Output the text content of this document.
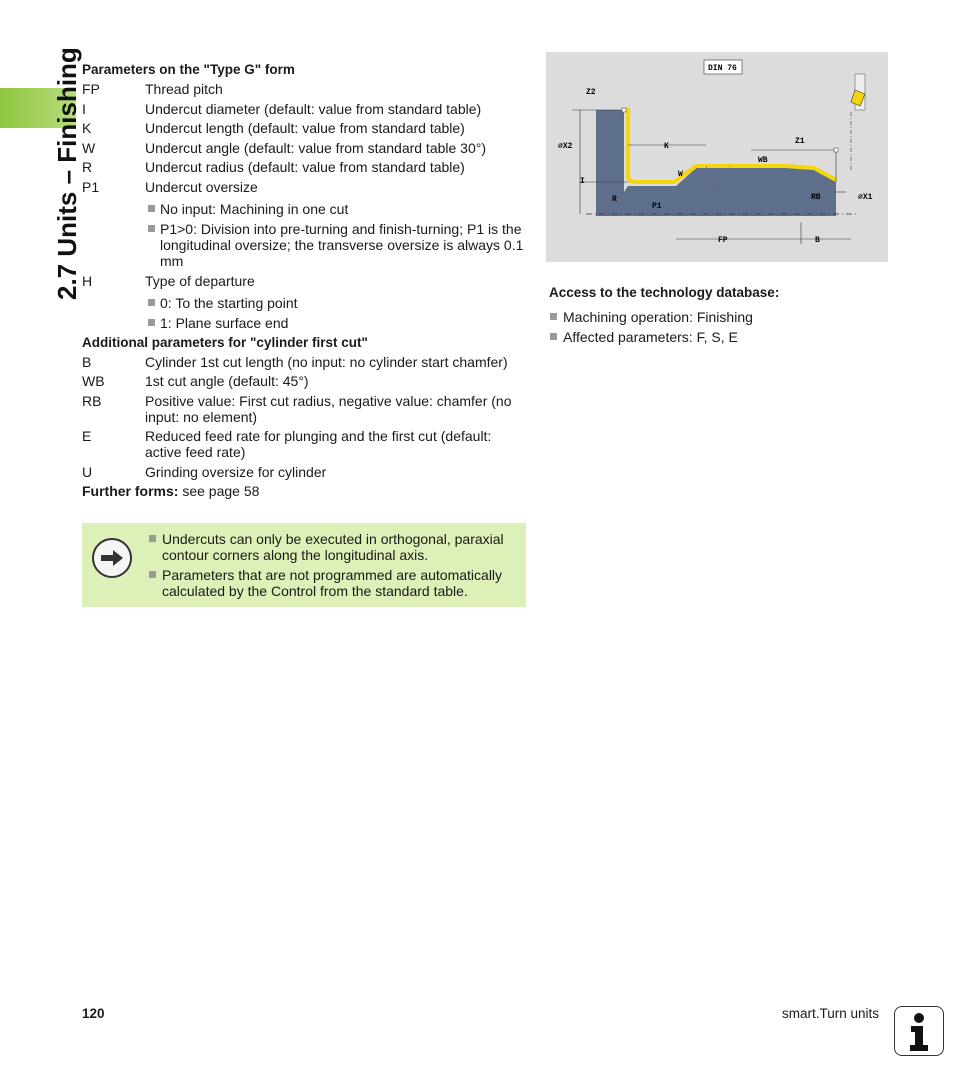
2.7 Units – Finishing Parameters on the "Type G" form
FP	Thread pitch
I	Undercut diameter (default: value from standard table)
K	Undercut length (default: value from standard table)
W	Undercut angle (default: value from standard table 30°)
R	Undercut radius (default: value from standard table)
P1	Undercut oversize
No input: Machining in one cut
P1>0: Division into pre-turning and finish-turning; P1 is the longitudinal oversize; the transverse oversize is always 0.1 mm
H	Type of departure
0: To the starting point
1: Plane surface end
Additional parameters for "cylinder first cut"
B	Cylinder 1st cut length (no input: no cylinder start chamfer)
WB	1st cut angle (default: 45°)
RB	Positive value: First cut radius, negative value: chamfer (no input: no element)
E	Reduced feed rate for plunging and the first cut (default: active feed rate)
U	Grinding oversize for cylinder
Further forms: see page 58
Undercuts can only be executed in orthogonal, paraxial contour corners along the longitudinal axis.
Parameters that are not programmed are automatically calculated by the Control from the standard table.
DIN 76
Z2
⌀X2	K
Z1
W
WB
I
R
P1
RB	⌀X1
FP	B
Access to the technology database:
Machining operation: Finishing
Affected parameters: F, S, E
120	smart.Turn units
